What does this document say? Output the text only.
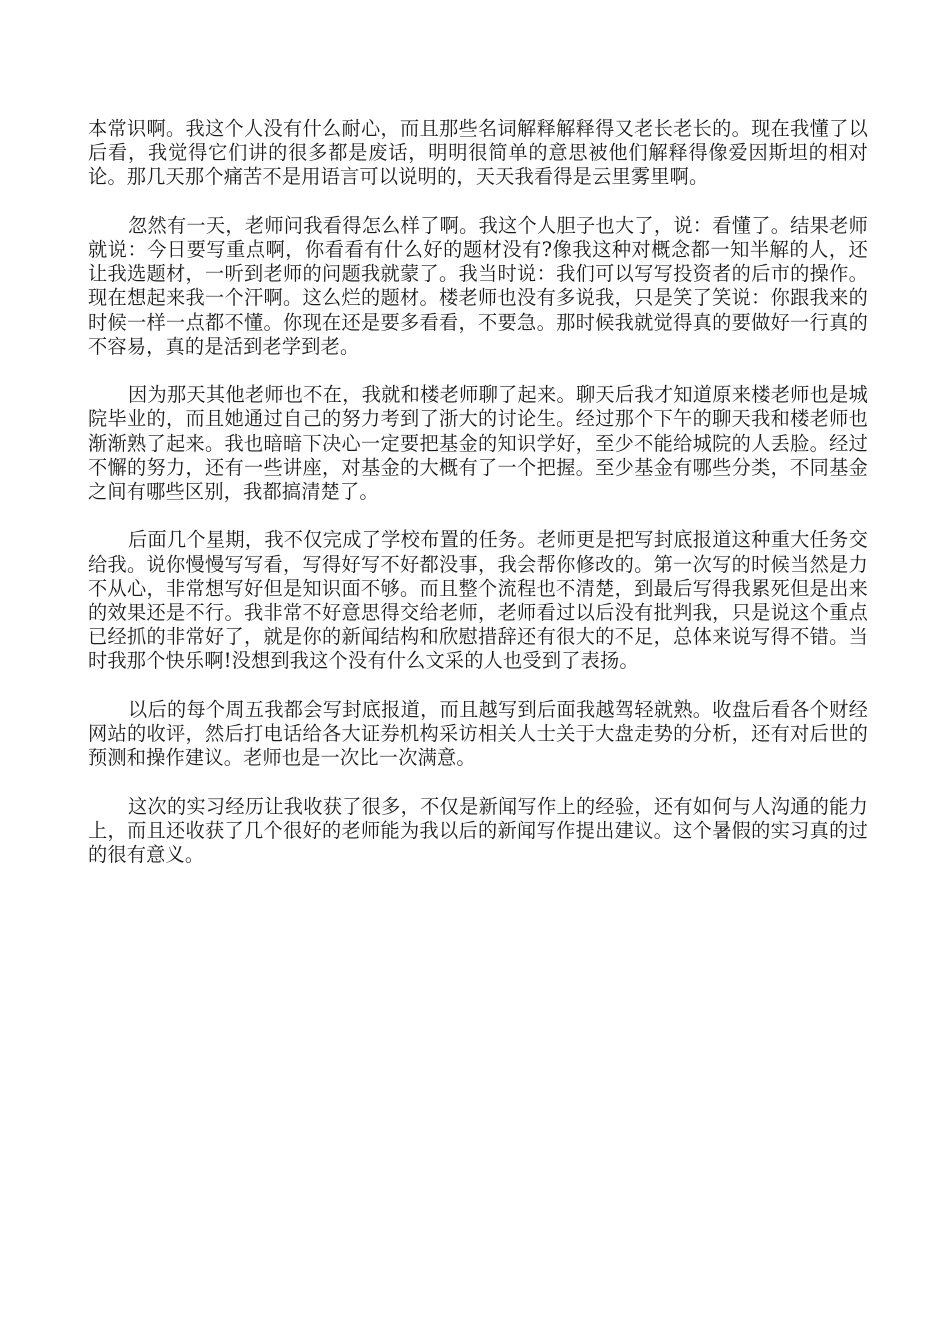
本常识啊。我这个人没有什么耐心，而且那些名词解释解释得又老长老长的。现在我懂了以后看，我觉得它们讲的很多都是废话，明明很简单的意思被他们解释得像爱因斯坦的相对论。那几天那个痛苦不是用语言可以说明的，天天我看得是云里雾里啊。

忽然有一天，老师问我看得怎么样了啊。我这个人胆子也大了，说：看懂了。结果老师就说：今日要写重点啊，你看看有什么好的题材没有?像我这种对概念都一知半解的人，还让我选题材，一听到老师的问题我就蒙了。我当时说：我们可以写写投资者的后市的操作。现在想起来我一个汗啊。这么烂的题材。楼老师也没有多说我，只是笑了笑说：你跟我来的时候一样一点都不懂。你现在还是要多看看，不要急。那时候我就觉得真的要做好一行真的不容易，真的是活到老学到老。

因为那天其他老师也不在，我就和楼老师聊了起来。聊天后我才知道原来楼老师也是城院毕业的，而且她通过自己的努力考到了浙大的讨论生。经过那个下午的聊天我和楼老师也渐渐熟了起来。我也暗暗下决心一定要把基金的知识学好，至少不能给城院的人丢脸。经过不懈的努力，还有一些讲座，对基金的大概有了一个把握。至少基金有哪些分类，不同基金之间有哪些区别，我都搞清楚了。

后面几个星期，我不仅完成了学校布置的任务。老师更是把写封底报道这种重大任务交给我。说你慢慢写写看，写得好写不好都没事，我会帮你修改的。第一次写的时候当然是力不从心，非常想写好但是知识面不够。而且整个流程也不清楚，到最后写得我累死但是出来的效果还是不行。我非常不好意思得交给老师，老师看过以后没有批判我，只是说这个重点已经抓的非常好了，就是你的新闻结构和欣慰措辞还有很大的不足，总体来说写得不错。当时我那个快乐啊!没想到我这个没有什么文采的人也受到了表扬。

以后的每个周五我都会写封底报道，而且越写到后面我越驾轻就熟。收盘后看各个财经网站的收评，然后打电话给各大证券机构采访相关人士关于大盘走势的分析，还有对后世的预测和操作建议。老师也是一次比一次满意。

这次的实习经历让我收获了很多，不仅是新闻写作上的经验，还有如何与人沟通的能力上，而且还收获了几个很好的老师能为我以后的新闻写作提出建议。这个暑假的实习真的过的很有意义。
